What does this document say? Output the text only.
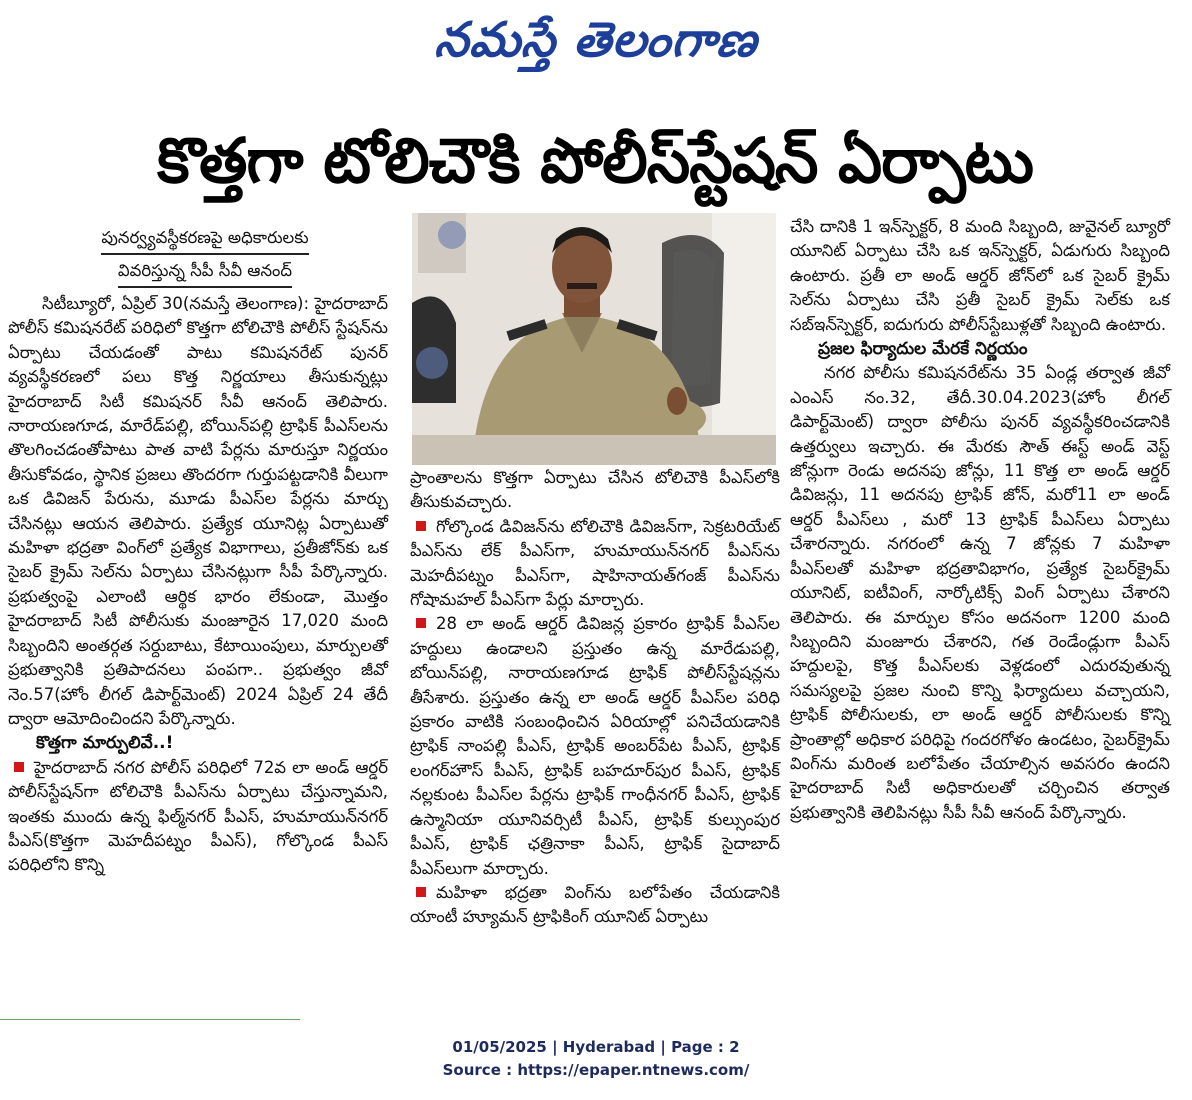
నమస్తే తెలంగాణ
కొత్తగా టోలిచౌకి పోలీస్‌స్టేషన్‌ ఏర్పాటు
పునర్వ్యవస్థీకరణపై అధికారులకు
వివరిస్తున్న సీపీ సీవీ ఆనంద్‌

సిటీబ్యూరో, ఏప్రిల్‌ 30(నమస్తే తెలంగాణ): హైదరాబాద్‌ పోలీస్‌ కమిషనరేట్‌ పరిధిలో కొత్తగా టోలిచౌకి పోలీస్‌ స్టేషన్‌ను ఏర్పాటు చేయడంతో పాటు కమిషనరేట్‌ పునర్‌ వ్యవస్థీకరణలో పలు కొత్త నిర్ణయాలు తీసుకున్నట్లు హైదరాబాద్‌ సిటీ కమిషనర్‌ సీవీ ఆనంద్‌ తెలిపారు. నారాయణగూడ, మారేడ్‌పల్లి, బోయిన్‌పల్లి ట్రాఫిక్‌ పీఎస్‌లను తొలగించడంతోపాటు పాత వాటి పేర్లను మారుస్తూ నిర్ణయం తీసుకోవడం, స్థానిక ప్రజలు తొందరగా గుర్తుపట్టడానికి వీలుగా ఒక డివిజన్‌ పేరును, మూడు పీఎస్‌ల పేర్లను మార్చు చేసినట్లు ఆయన తెలిపారు. ప్రత్యేక యూనిట్ల ఏర్పాటుతో మహిళా భద్రతా వింగ్‌లో ప్రత్యేక విభాగాలు, ప్రతీజోన్‌కు ఒక సైబర్‌ క్రైమ్‌ సెల్‌ను ఏర్పాటు చేసినట్లుగా సీపీ పేర్కొన్నారు. ప్రభుత్వంపై ఎలాంటి ఆర్థిక భారం లేకుండా, మొత్తం హైదరాబాద్‌ సిటీ పోలీసుకు మంజూరైన 17,020 మంది సిబ్బందిని అంతర్గత సర్దుబాటు, కేటాయింపులు, మార్పులతో ప్రభుత్వానికి ప్రతిపాదనలు పంపగా.. ప్రభుత్వం జీవో నెం.57(హోం లీగల్‌ డిపార్ట్‌మెంట్‌) 2024 ఏప్రిల్‌ 24 తేదీ ద్వారా ఆమోదించిందని పేర్కొన్నారు.

కొత్తగా మార్పులివే..!

హైదరాబాద్‌ నగర పోలీస్‌ పరిధిలో 72వ లా అండ్‌ ఆర్డర్‌ పోలీస్‌స్టేషన్‌గా టోలిచౌకి పీఎస్‌ను ఏర్పాటు చేస్తున్నామని, ఇంతకు ముందు ఉన్న ఫిల్మ్‌నగర్‌ పీఎస్‌, హుమాయున్‌నగర్‌ పీఎస్‌(కొత్తగా మెహదీపట్నం పీఎస్‌), గోల్కొండ పీఎస్‌ పరిధిలోని కొన్ని

ప్రాంతాలను కొత్తగా ఏర్పాటు చేసిన టోలిచౌకి పీఎస్‌లోకి తీసుకువచ్చారు.

గోల్కొండ డివిజన్‌ను టోలిచౌకి డివిజన్‌గా, సెక్రటరియేట్‌ పీఎస్‌ను లేక్‌ పీఎస్‌గా, హుమాయున్‌నగర్‌ పీఎస్‌ను మెహదీపట్నం పీఎస్‌గా, షాహినాయత్‌గంజ్‌ పీఎస్‌ను గోషామహల్‌ పీఎస్‌గా పేర్లు మార్చారు.

28 లా అండ్‌ ఆర్డర్‌ డివిజన్ల ప్రకారం ట్రాఫిక్‌ పీఎస్‌ల హద్దులు ఉండాలని ప్రస్తుతం ఉన్న మారేడుపల్లి, బోయిన్‌పల్లి, నారాయణగూడ ట్రాఫిక్‌ పోలీస్‌స్టేషన్లను తీసేశారు. ప్రస్తుతం ఉన్న లా అండ్‌ ఆర్డర్‌ పీఎస్‌ల పరిధి ప్రకారం వాటికి సంబంధించిన ఏరియాల్లో పనిచేయడానికి ట్రాఫిక్‌ నాంపల్లి పీఎస్‌, ట్రాఫిక్‌ అంబర్‌పేట పీఎస్‌, ట్రాఫిక్‌ లంగర్‌హౌస్‌ పీఎస్‌, ట్రాఫిక్‌ బహదూర్‌పుర పీఎస్‌, ట్రాఫిక్‌ నల్లకుంట పీఎస్‌ల పేర్లను ట్రాఫిక్‌ గాంధీనగర్‌ పీఎస్‌, ట్రాఫిక్‌ ఉస్మానియా యూనివర్సిటీ పీఎస్‌, ట్రాఫిక్‌ కుల్సుంపుర పీఎస్‌, ట్రాఫిక్‌ ఛత్రినాకా పీఎస్‌, ట్రాఫిక్‌ సైదాబాద్‌ పీఎస్‌లుగా మార్చారు.

మహిళా భద్రతా వింగ్‌ను బలోపేతం చేయడానికి యాంటీ హ్యూమన్‌ ట్రాఫికింగ్‌ యూనిట్‌ ఏర్పాటు

చేసి దానికి 1 ఇన్‌స్పెక్టర్‌, 8 మంది సిబ్బంది, జువైనల్‌ బ్యూరో యూనిట్‌ ఏర్పాటు చేసి ఒక ఇన్‌స్పెక్టర్‌, ఏడుగురు సిబ్బంది ఉంటారు. ప్రతీ లా అండ్‌ ఆర్డర్‌ జోన్‌లో ఒక సైబర్‌ క్రైమ్‌ సెల్‌ను ఏర్పాటు చేసి ప్రతీ సైబర్‌ క్రైమ్‌ సెల్‌కు ఒక సబ్‌ఇన్‌స్పెక్టర్‌, ఐదుగురు పోలీస్‌స్టేబుళ్లతో సిబ్బంది ఉంటారు.

ప్రజల ఫిర్యాదుల మేరకే నిర్ణయం

నగర పోలీసు కమిషనరేట్‌ను 35 ఏండ్ల తర్వాత జీవో ఎంఎస్‌ నం.32, తేదీ.30.04.2023(హోం లీగల్‌ డిపార్ట్‌మెంట్‌) ద్వారా పోలీసు పునర్‌ వ్యవస్థీకరించడానికి ఉత్తర్వులు ఇచ్చారు. ఈ మేరకు సౌత్‌ ఈస్ట్‌ అండ్‌ వెస్ట్‌ జోన్లుగా రెండు అదనపు జోన్లు, 11 కొత్త లా అండ్‌ ఆర్డర్‌ డివిజన్లు, 11 అదనపు ట్రాఫిక్‌ జోన్‌, మరో11 లా అండ్‌ ఆర్డర్‌ పీఎస్‌లు , మరో 13 ట్రాఫిక్‌ పీఎస్‌లు ఏర్పాటు చేశారన్నారు. నగరంలో ఉన్న 7 జోన్లకు 7 మహిళా పీఎస్‌లతో మహిళా భద్రతావిభాగం, ప్రత్యేక సైబర్‌క్రైమ్‌ యూనిట్‌, ఐటీవింగ్‌, నార్కోటిక్స్‌ వింగ్‌ ఏర్పాటు చేశారని తెలిపారు. ఈ మార్పుల కోసం అదనంగా 1200 మంది సిబ్బందిని మంజూరు చేశారని, గత రెండేండ్లుగా పీఎస్‌ హద్దులపై, కొత్త పీఎస్‌లకు వెళ్లడంలో ఎదురవుతున్న సమస్యలపై ప్రజల నుంచి కొన్ని ఫిర్యాదులు వచ్చాయని, ట్రాఫిక్‌ పోలీసులకు, లా అండ్‌ ఆర్డర్‌ పోలీసులకు కొన్ని ప్రాంతాల్లో అధికార పరిధిపై గందరగోళం ఉండటం, సైబర్‌క్రైమ్‌ వింగ్‌ను మరింత బలోపేతం చేయాల్సిన అవసరం ఉందని హైదరాబాద్‌ సిటీ అధికారులతో చర్చించిన తర్వాత ప్రభుత్వానికి తెలిపినట్లు సీపీ సీవీ ఆనంద్‌ పేర్కొన్నారు.

01/05/2025 | Hyderabad | Page : 2
Source : https://epaper.ntnews.com/
